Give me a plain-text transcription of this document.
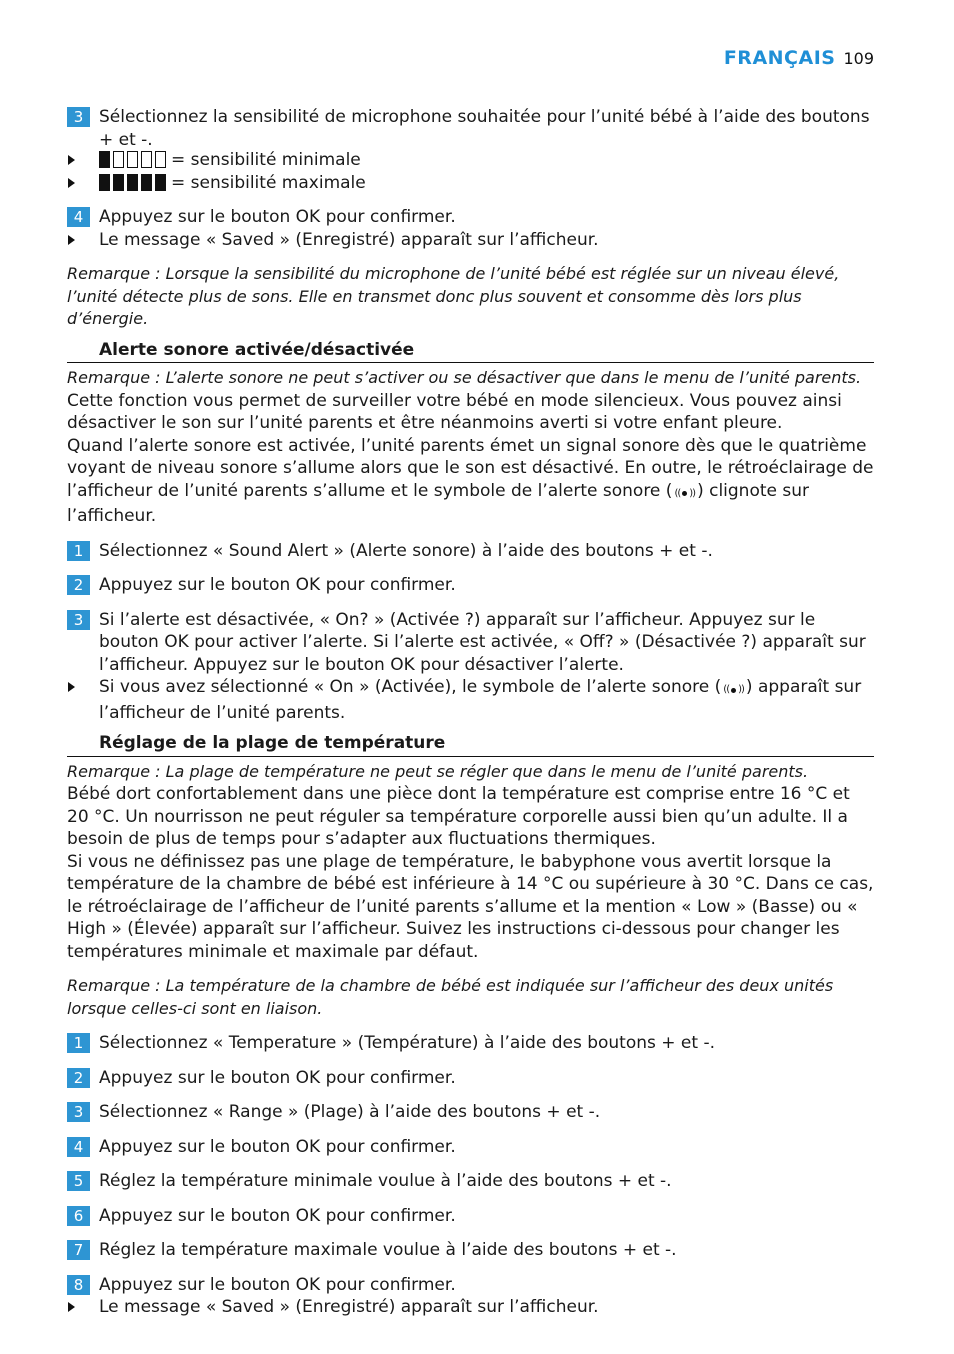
FRANÇAIS 109
3 Sélectionnez la sensibilité de microphone souhaitée pour l’unité bébé à l’aide des boutons + et -.
= sensibilité minimale
= sensibilité maximale
4 Appuyez sur le bouton OK pour confirmer.
Le message « Saved » (Enregistré) apparaît sur l’afficheur.
Remarque : Lorsque la sensibilité du microphone de l’unité bébé est réglée sur un niveau élevé, l’unité détecte plus de sons. Elle en transmet donc plus souvent et consomme dès lors plus d’énergie.
Alerte sonore activée/désactivée
Remarque : L’alerte sonore ne peut s’activer ou se désactiver que dans le menu de l’unité parents.
Cette fonction vous permet de surveiller votre bébé en mode silencieux. Vous pouvez ainsi désactiver le son sur l’unité parents et être néanmoins averti si votre enfant pleure.
Quand l’alerte sonore est activée, l’unité parents émet un signal sonore dès que le quatrième voyant de niveau sonore s’allume alors que le son est désactivé. En outre, le rétroéclairage de l’afficheur de l’unité parents s’allume et le symbole de l’alerte sonore ( (( )) ) clignote sur l’afficheur.
1 Sélectionnez « Sound Alert » (Alerte sonore) à l’aide des boutons + et -.
2 Appuyez sur le bouton OK pour confirmer.
3 Si l’alerte est désactivée, « On? » (Activée ?) apparaît sur l’afficheur. Appuyez sur le bouton OK pour activer l’alerte. Si l’alerte est activée, « Off? » (Désactivée ?) apparaît sur l’afficheur. Appuyez sur le bouton OK pour désactiver l’alerte.
Si vous avez sélectionné « On » (Activée), le symbole de l’alerte sonore ( (( )) ) apparaît sur l’afficheur de l’unité parents.
Réglage de la plage de température
Remarque : La plage de température ne peut se régler que dans le menu de l’unité parents.
Bébé dort confortablement dans une pièce dont la température est comprise entre 16 °C et 20 °C. Un nourrisson ne peut réguler sa température corporelle aussi bien qu’un adulte. Il a besoin de plus de temps pour s’adapter aux fluctuations thermiques.
Si vous ne définissez pas une plage de température, le babyphone vous avertit lorsque la température de la chambre de bébé est inférieure à 14 °C ou supérieure à 30 °C. Dans ce cas, le rétroéclairage de l’afficheur de l’unité parents s’allume et la mention « Low » (Basse) ou « High » (Élevée) apparaît sur l’afficheur. Suivez les instructions ci-dessous pour changer les températures minimale et maximale par défaut.
Remarque : La température de la chambre de bébé est indiquée sur l’afficheur des deux unités lorsque celles-ci sont en liaison.
1 Sélectionnez « Temperature » (Température) à l’aide des boutons + et -.
2 Appuyez sur le bouton OK pour confirmer.
3 Sélectionnez « Range » (Plage) à l’aide des boutons + et -.
4 Appuyez sur le bouton OK pour confirmer.
5 Réglez la température minimale voulue à l’aide des boutons + et -.
6 Appuyez sur le bouton OK pour confirmer.
7 Réglez la température maximale voulue à l’aide des boutons + et -.
8 Appuyez sur le bouton OK pour confirmer.
Le message « Saved » (Enregistré) apparaît sur l’afficheur.
